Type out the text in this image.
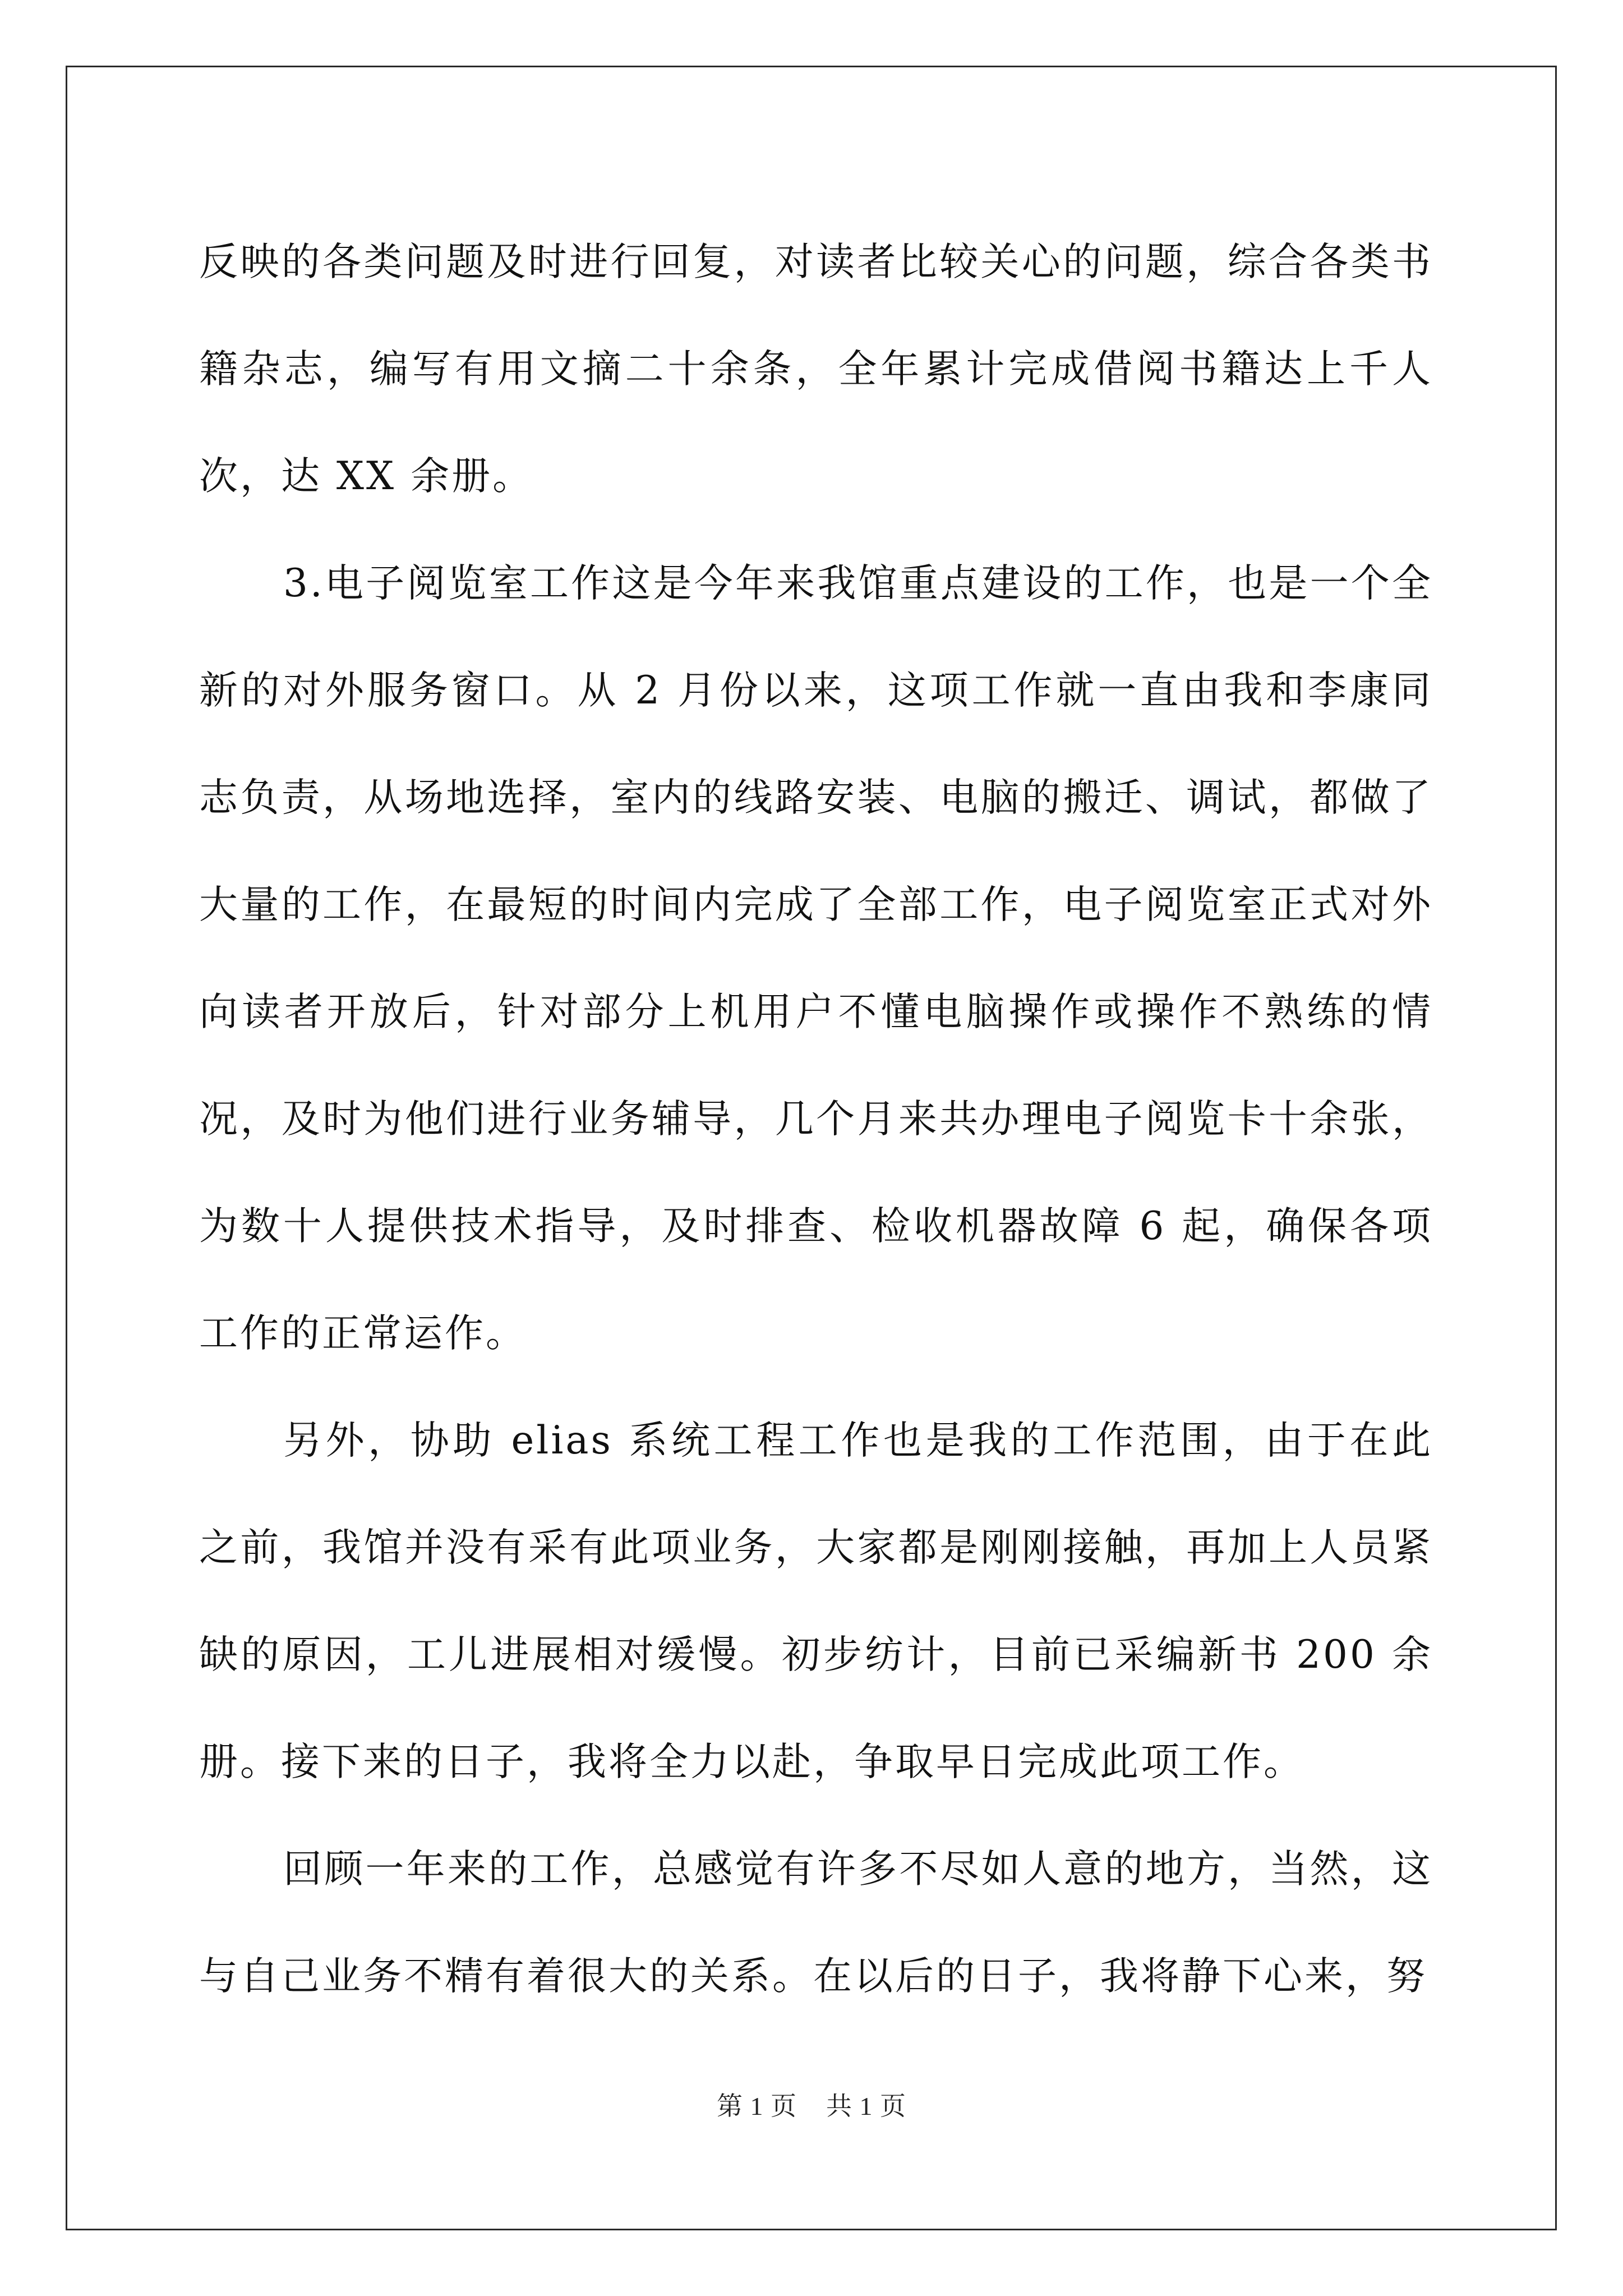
反映的各类问题及时进行回复，对读者比较关心的问题，综合各类书籍杂志，编写有用文摘二十余条，全年累计完成借阅书籍达上千人次，达 XX 余册。

3.电子阅览室工作这是今年来我馆重点建设的工作，也是一个全新的对外服务窗口。从 2 月份以来，这项工作就一直由我和李康同志负责，从场地选择，室内的线路安装、电脑的搬迁、调试，都做了大量的工作，在最短的时间内完成了全部工作，电子阅览室正式对外向读者开放后，针对部分上机用户不懂电脑操作或操作不熟练的情况，及时为他们进行业务辅导，几个月来共办理电子阅览卡十余张，为数十人提供技术指导，及时排查、检收机器故障 6 起，确保各项工作的正常运作。

另外，协助 elias 系统工程工作也是我的工作范围，由于在此之前，我馆并没有采有此项业务，大家都是刚刚接触，再加上人员紧缺的原因，工儿进展相对缓慢。初步纺计，目前已采编新书 200 余册。接下来的日子，我将全力以赴，争取早日完成此项工作。

回顾一年来的工作，总感觉有许多不尽如人意的地方，当然，这与自己业务不精有着很大的关系。在以后的日子，我将静下心来，努

第 1 页 共 1 页
